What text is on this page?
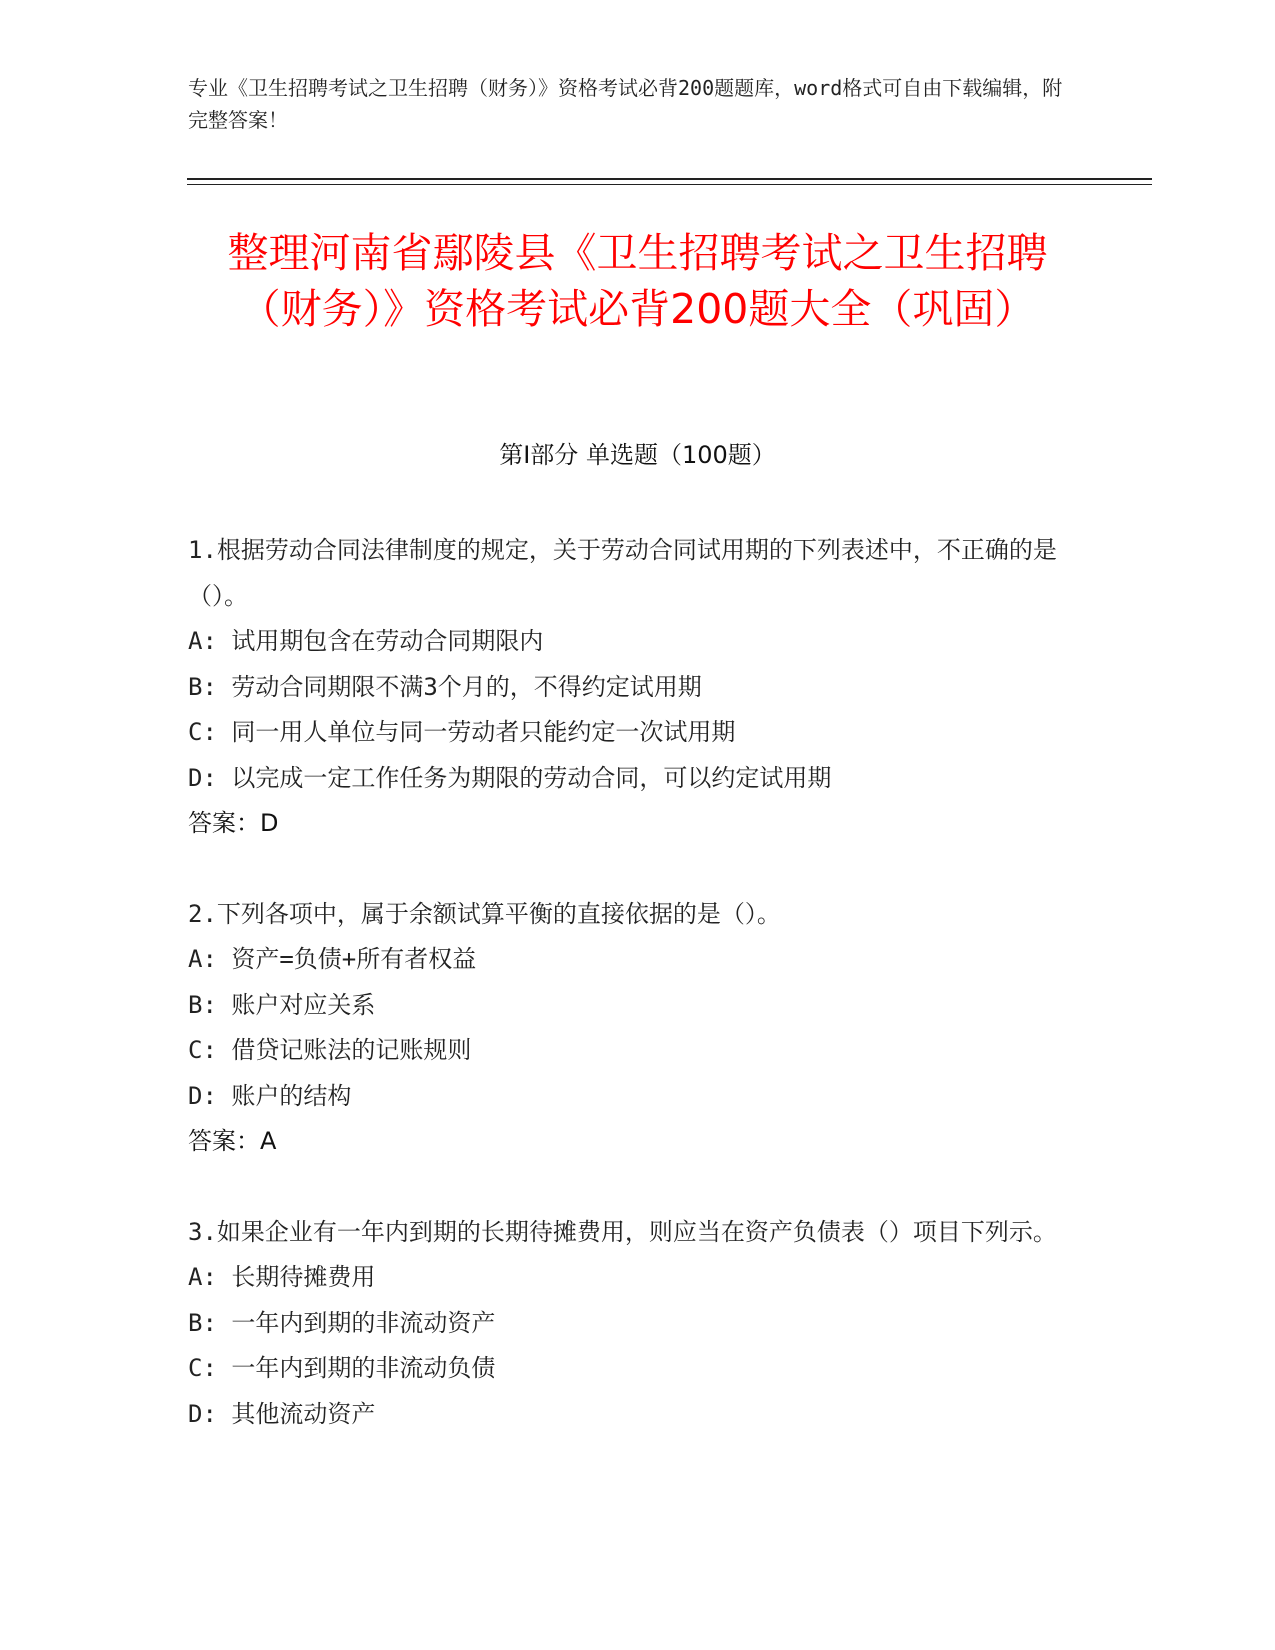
专业《卫生招聘考试之卫生招聘（财务）》资格考试必背200题题库，word格式可自由下载编辑，附完整答案！
整理河南省鄢陵县《卫生招聘考试之卫生招聘（财务）》资格考试必背200题大全（巩固）
第I部分 单选题（100题）

1.根据劳动合同法律制度的规定，关于劳动合同试用期的下列表述中，不正确的是（）。

A: 试用期包含在劳动合同期限内

B: 劳动合同期限不满3个月的，不得约定试用期

C: 同一用人单位与同一劳动者只能约定一次试用期

D: 以完成一定工作任务为期限的劳动合同，可以约定试用期

答案：D

2.下列各项中，属于余额试算平衡的直接依据的是（）。

A: 资产=负债+所有者权益

B: 账户对应关系

C: 借贷记账法的记账规则

D: 账户的结构

答案：A

3.如果企业有一年内到期的长期待摊费用，则应当在资产负债表（）项目下列示。

A: 长期待摊费用

B: 一年内到期的非流动资产

C: 一年内到期的非流动负债

D: 其他流动资产
